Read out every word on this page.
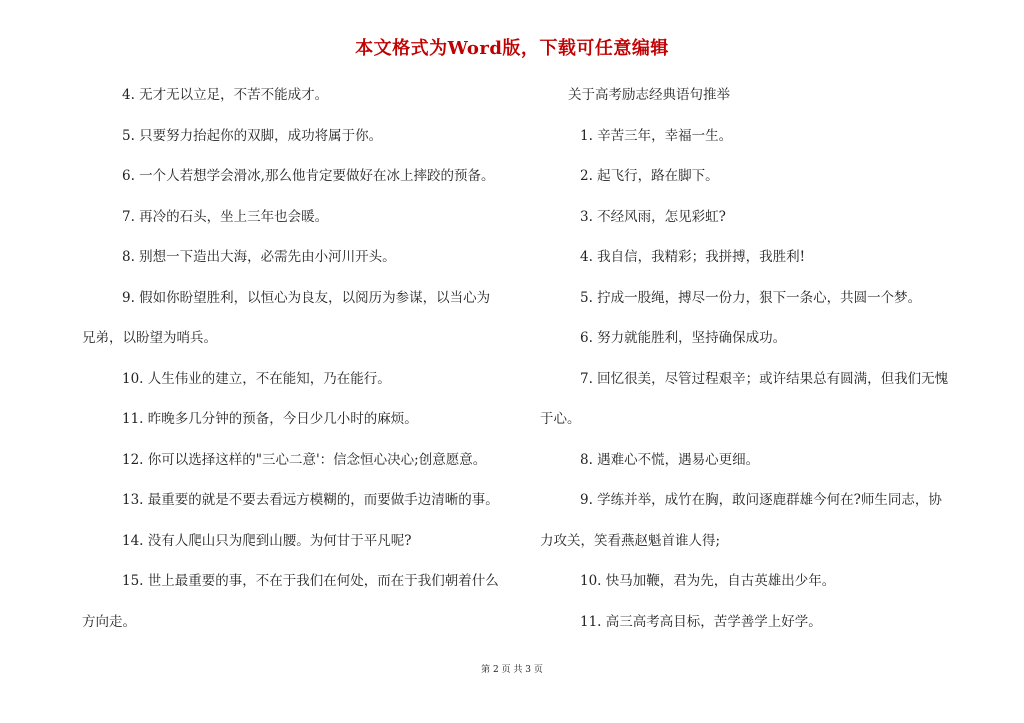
本文格式为Word版，下载可任意编辑
4. 无才无以立足，不苦不能成才。
5. 只要努力抬起你的双脚，成功将属于你。
6. 一个人若想学会滑冰,那么他肯定要做好在冰上摔跤的预备。
7. 再冷的石头，坐上三年也会暖。
8. 别想一下造出大海，必需先由小河川开头。
9. 假如你盼望胜利，以恒心为良友，以阅历为参谋，以当心为
兄弟，以盼望为哨兵。
10. 人生伟业的建立，不在能知，乃在能行。
11. 昨晚多几分钟的预备，今日少几小时的麻烦。
12. 你可以选择这样的"三心二意'：信念恒心决心;创意愿意。
13. 最重要的就是不要去看远方模糊的，而要做手边清晰的事。
14. 没有人爬山只为爬到山腰。为何甘于平凡呢?
15. 世上最重要的事，不在于我们在何处，而在于我们朝着什么
方向走。
关于高考励志经典语句推举
1. 辛苦三年，幸福一生。
2. 起飞行，路在脚下。
3. 不经风雨，怎见彩虹?
4. 我自信，我精彩；我拼搏，我胜利!
5. 拧成一股绳，搏尽一份力，狠下一条心，共圆一个梦。
6. 努力就能胜利，坚持确保成功。
7. 回忆很美，尽管过程艰辛；或许结果总有圆满，但我们无愧
于心。
8. 遇难心不慌，遇易心更细。
9. 学练并举，成竹在胸，敢问逐鹿群雄今何在?师生同志，协
力攻关，笑看燕赵魁首谁人得;
10. 快马加鞭，君为先，自古英雄出少年。
11. 高三高考高目标，苦学善学上好学。
第 2 页 共 3 页
